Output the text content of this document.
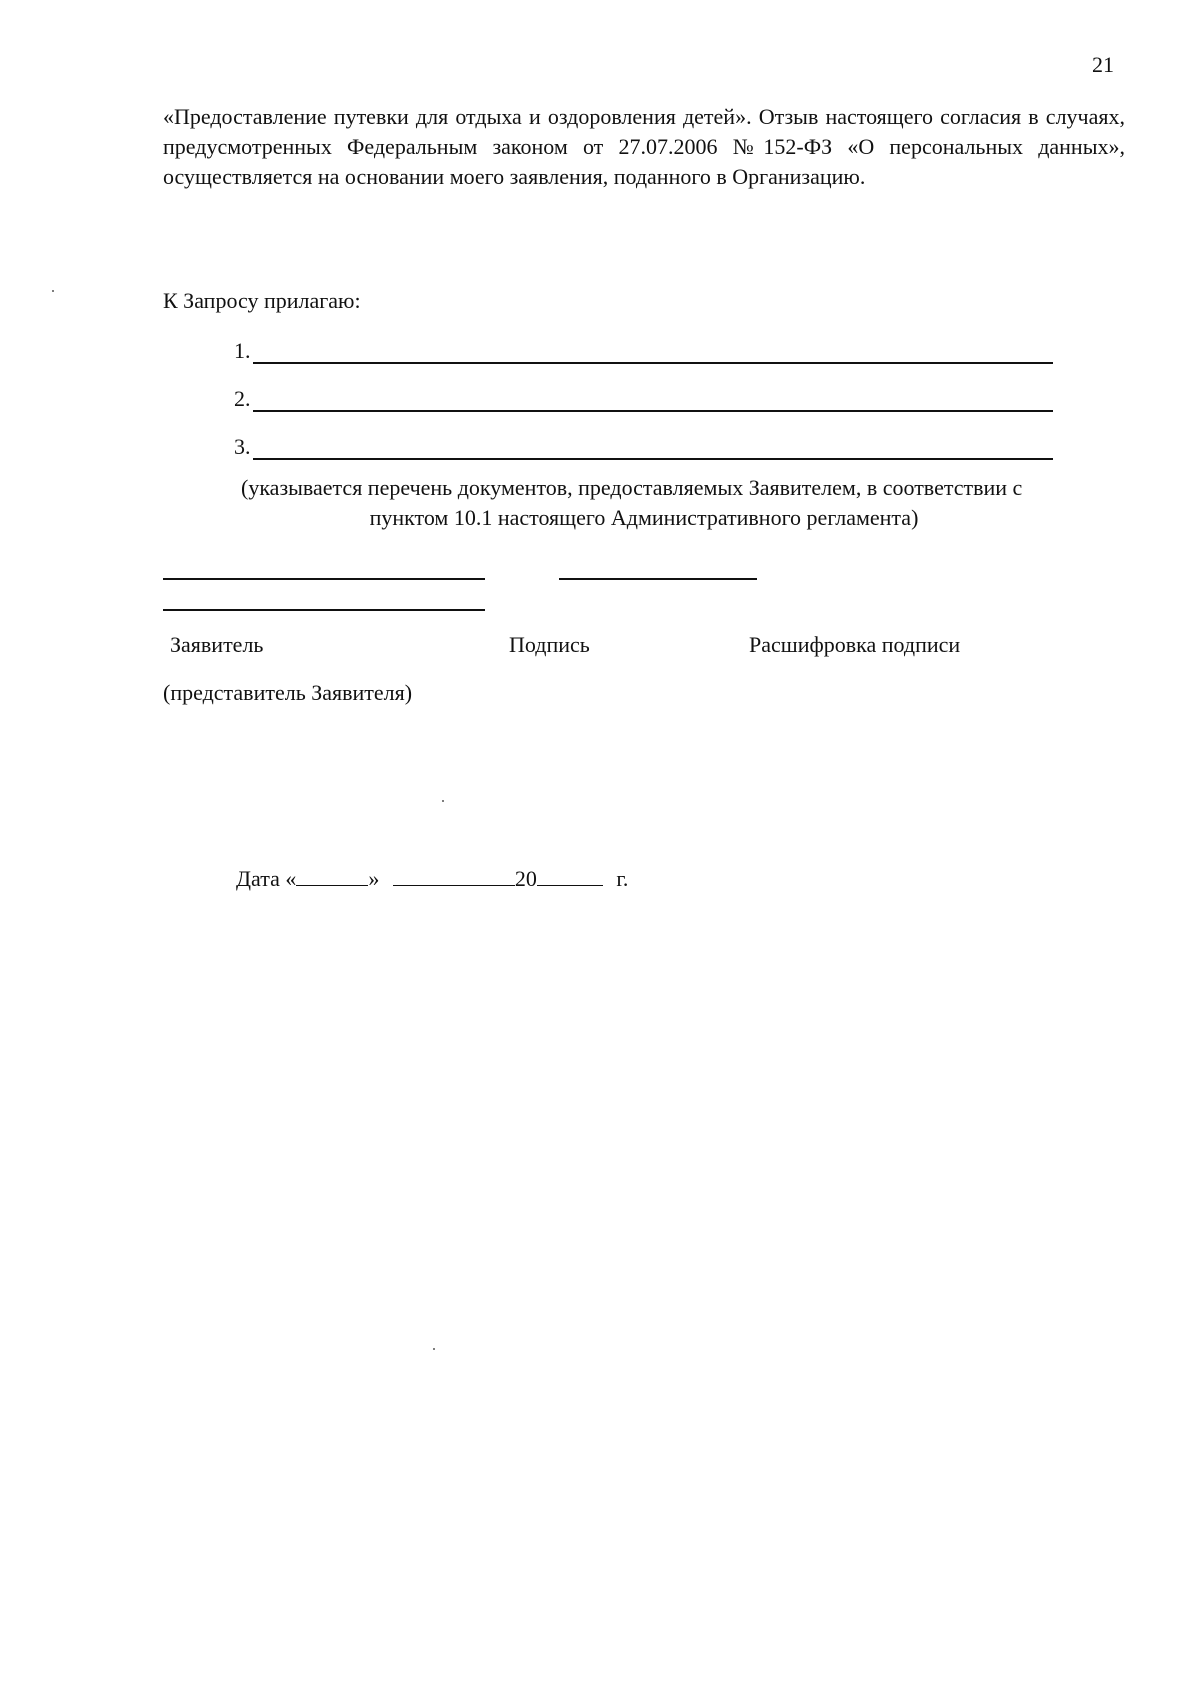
21
«Предоставление путевки для отдыха и оздоровления детей». Отзыв настоящего согласия в случаях, предусмотренных Федеральным законом от 27.07.2006 №152-ФЗ «О персональных данных», осуществляется на основании моего заявления, поданного в Организацию.
К Запросу прилагаю:
1.
2.
3.
(указывается перечень документов, предоставляемых Заявителем, в соответствии с
пунктом 10.1 настоящего Административного регламента)
Заявитель	Подпись	Расшифровка подписи
(представитель Заявителя)
Дата «	»	20	г.
